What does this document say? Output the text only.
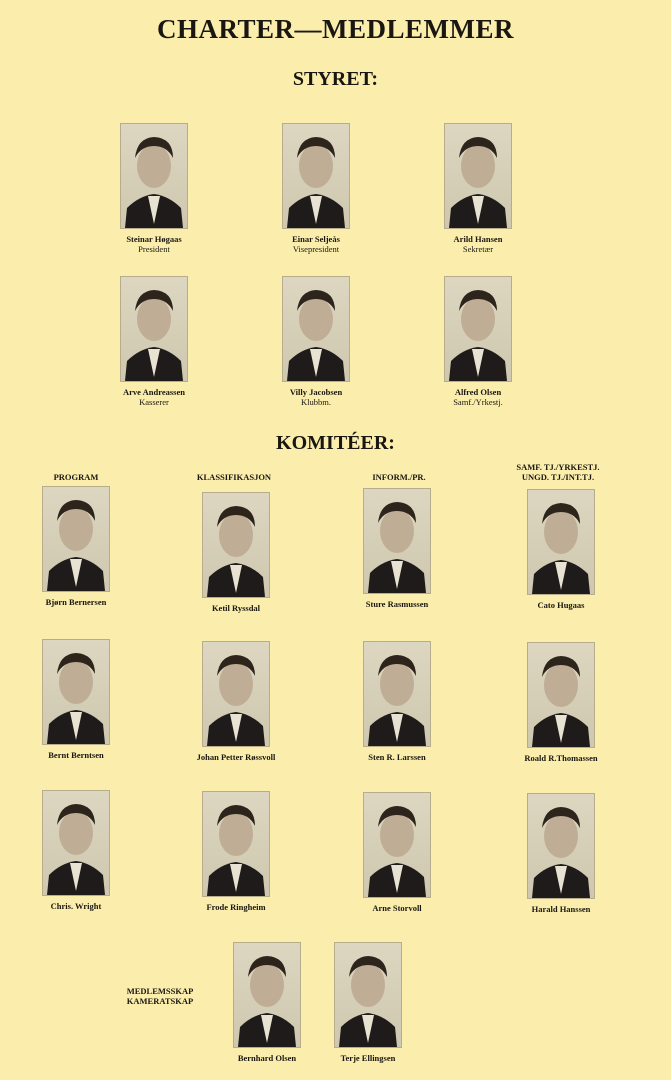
CHARTER—MEDLEMMER
STYRET:
Steinar Høgaas
President
Einar Seljeås
Visepresident
Arild Hansen
Sekretær
Arve Andreassen
Kasserer
Villy Jacobsen
Klubbm.
Alfred Olsen
Samf./Yrkestj.
KOMITÉER:
PROGRAM	KLASSIFIKASJON	INFORM./PR.
SAMF. TJ./YRKESTJ.
UNGD. TJ./INT.TJ.
Bjørn Bernersen
Ketil Ryssdal	Sture Rasmussen	Cato Hugaas
Bernt Berntsen	Johan Petter Røssvoll	Sten R. Larssen	Roald R.Thomassen
Chris. Wright	Frode Ringheim	Arne Storvoll	Harald Hanssen
MEDLEMSSKAP
KAMERATSKAP
Bernhard Olsen	Terje Ellingsen
